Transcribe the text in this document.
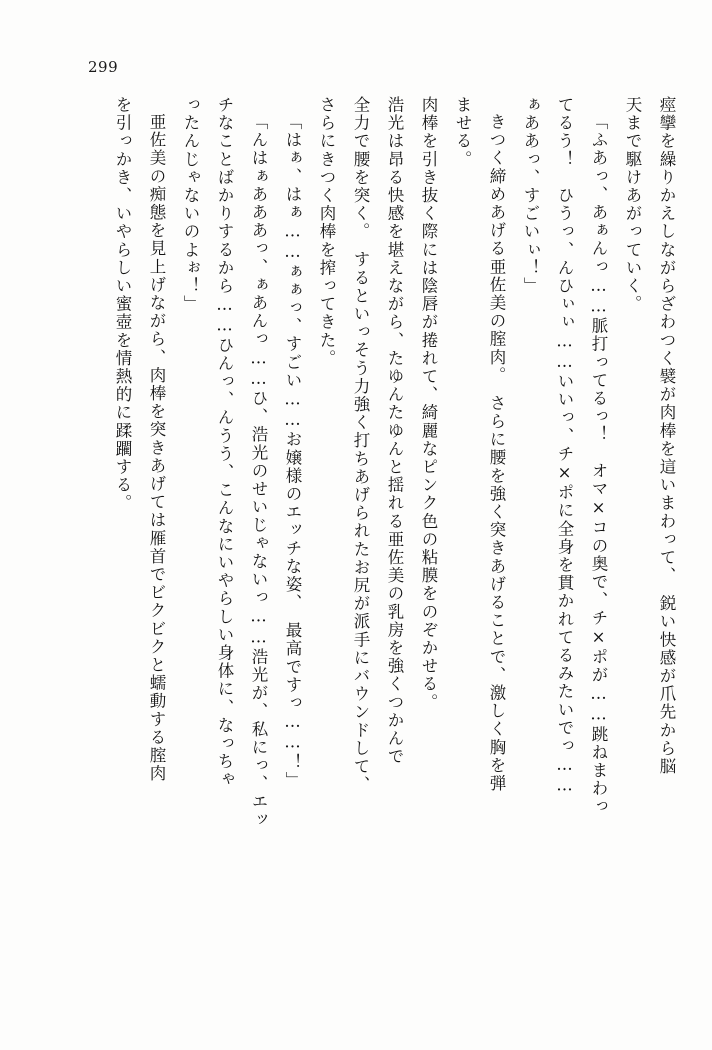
299
痙攣を繰りかえしながらざわつく襞が肉棒を這いまわって、　鋭い快感が爪先から脳
天まで駆けあがっていく。
「ふあっ、あぁんっ……脈打ってるっ！　オマ×コの奥で、チ×ポが……跳ねまわっ
てるう！　ひうっ、んひぃぃ……いいっ、チ×ポに全身を貫かれてるみたいでっ……
ぁああっ、すごいぃ！」
きつく締めあげる亜佐美の腟肉。　さらに腰を強く突きあげることで、激しく胸を弾
ませる。
肉棒を引き抜く際には陰唇が捲れて、綺麗なピンク色の粘膜をのぞかせる。
浩光は昂る快感を堪えながら、たゆんたゆんと揺れる亜佐美の乳房を強くつかんで
全力で腰を突く。　するといっそう力強く打ちあげられたお尻が派手にバウンドして、
さらにきつく肉棒を搾ってきた。
「はぁ、はぁ……ぁぁっ、すごい……お嬢様のエッチな姿、　最高ですっ……！」
「んはぁあああっ、ぁあんっ……ひ、浩光のせいじゃないっ……浩光が、私にっ、エッ
チなことばかりするから……ひんっ、んうう、こんなにいやらしい身体に、なっちゃ
ったんじゃないのよぉ！」
亜佐美の痴態を見上げながら、肉棒を突きあげては雁首でビクビクと蠕動する腟肉
を引っかき、いやらしい蜜壺を情熱的に蹂躙する。
